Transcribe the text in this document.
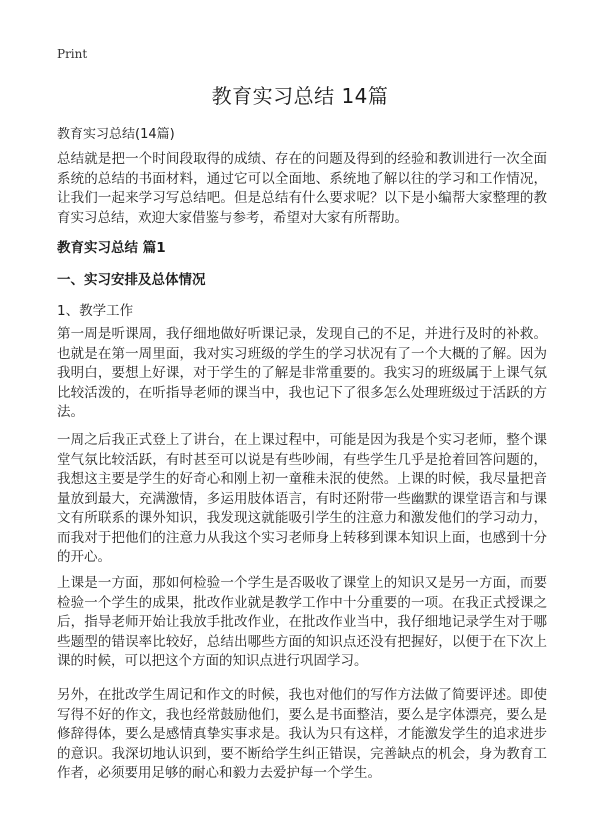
Print
教育实习总结 14篇
教育实习总结(14篇)

总结就是把一个时间段取得的成绩、存在的问题及得到的经验和教训进行一次全面系统的总结的书面材料，通过它可以全面地、系统地了解以往的学习和工作情况，让我们一起来学习写总结吧。但是总结有什么要求呢？以下是小编帮大家整理的教育实习总结，欢迎大家借鉴与参考，希望对大家有所帮助。

教育实习总结 篇1
一、实习安排及总体情况
1、教学工作

第一周是听课周，我仔细地做好听课记录，发现自己的不足，并进行及时的补救。也就是在第一周里面，我对实习班级的学生的学习状况有了一个大概的了解。因为我明白，要想上好课，对于学生的了解是非常重要的。我实习的班级属于上课气氛比较活泼的，在听指导老师的课当中，我也记下了很多怎么处理班级过于活跃的方法。

一周之后我正式登上了讲台，在上课过程中，可能是因为我是个实习老师，整个课堂气氛比较活跃，有时甚至可以说是有些吵闹，有些学生几乎是抢着回答问题的，我想这主要是学生的好奇心和刚上初一童稚未泯的使然。上课的时候，我尽量把音量放到最大，充满激情，多运用肢体语言，有时还附带一些幽默的课堂语言和与课文有所联系的课外知识，我发现这就能吸引学生的注意力和激发他们的学习动力，而我对于把他们的注意力从我这个实习老师身上转移到课本知识上面，也感到十分的开心。

上课是一方面，那如何检验一个学生是否吸收了课堂上的知识又是另一方面，而要检验一个学生的成果，批改作业就是教学工作中十分重要的一项。在我正式授课之后，指导老师开始让我放手批改作业，在批改作业当中，我仔细地记录学生对于哪些题型的错误率比较好，总结出哪些方面的知识点还没有把握好，以便于在下次上课的时候，可以把这个方面的知识点进行巩固学习。

另外，在批改学生周记和作文的时候，我也对他们的写作方法做了简要评述。即使写得不好的作文，我也经常鼓励他们，要么是书面整洁，要么是字体漂亮，要么是修辞得体，要么是感情真挚实事求是。我认为只有这样，才能激发学生的追求进步的意识。我深切地认识到，要不断给学生纠正错误，完善缺点的机会，身为教育工作者，必须要用足够的耐心和毅力去爱护每一个学生。
